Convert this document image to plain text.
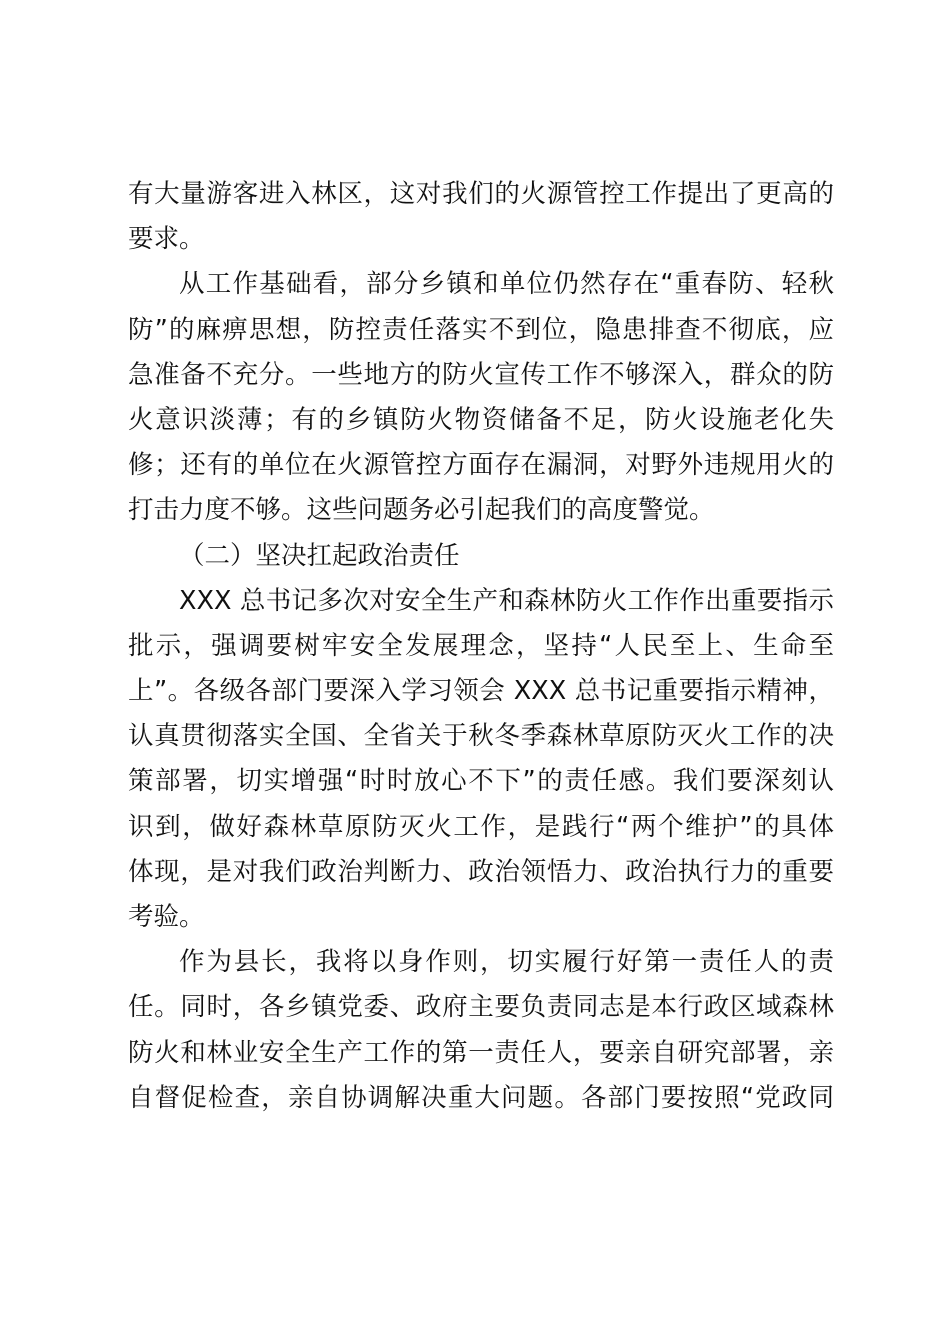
有大量游客进入林区，这对我们的火源管控工作提出了更高的
要求。
从工作基础看，部分乡镇和单位仍然存在“重春防、轻秋
防”的麻痹思想，防控责任落实不到位，隐患排查不彻底，应
急准备不充分。一些地方的防火宣传工作不够深入，群众的防
火意识淡薄；有的乡镇防火物资储备不足，防火设施老化失
修；还有的单位在火源管控方面存在漏洞，对野外违规用火的
打击力度不够。这些问题务必引起我们的高度警觉。
（二）坚决扛起政治责任
XXX 总书记多次对安全生产和森林防火工作作出重要指示
批示，强调要树牢安全发展理念，坚持“人民至上、生命至
上”。各级各部门要深入学习领会 XXX 总书记重要指示精神，
认真贯彻落实全国、全省关于秋冬季森林草原防灭火工作的决
策部署，切实增强“时时放心不下”的责任感。我们要深刻认
识到，做好森林草原防灭火工作，是践行“两个维护”的具体
体现，是对我们政治判断力、政治领悟力、政治执行力的重要
考验。
作为县长，我将以身作则，切实履行好第一责任人的责
任。同时，各乡镇党委、政府主要负责同志是本行政区域森林
防火和林业安全生产工作的第一责任人，要亲自研究部署，亲
自督促检查，亲自协调解决重大问题。各部门要按照“党政同
